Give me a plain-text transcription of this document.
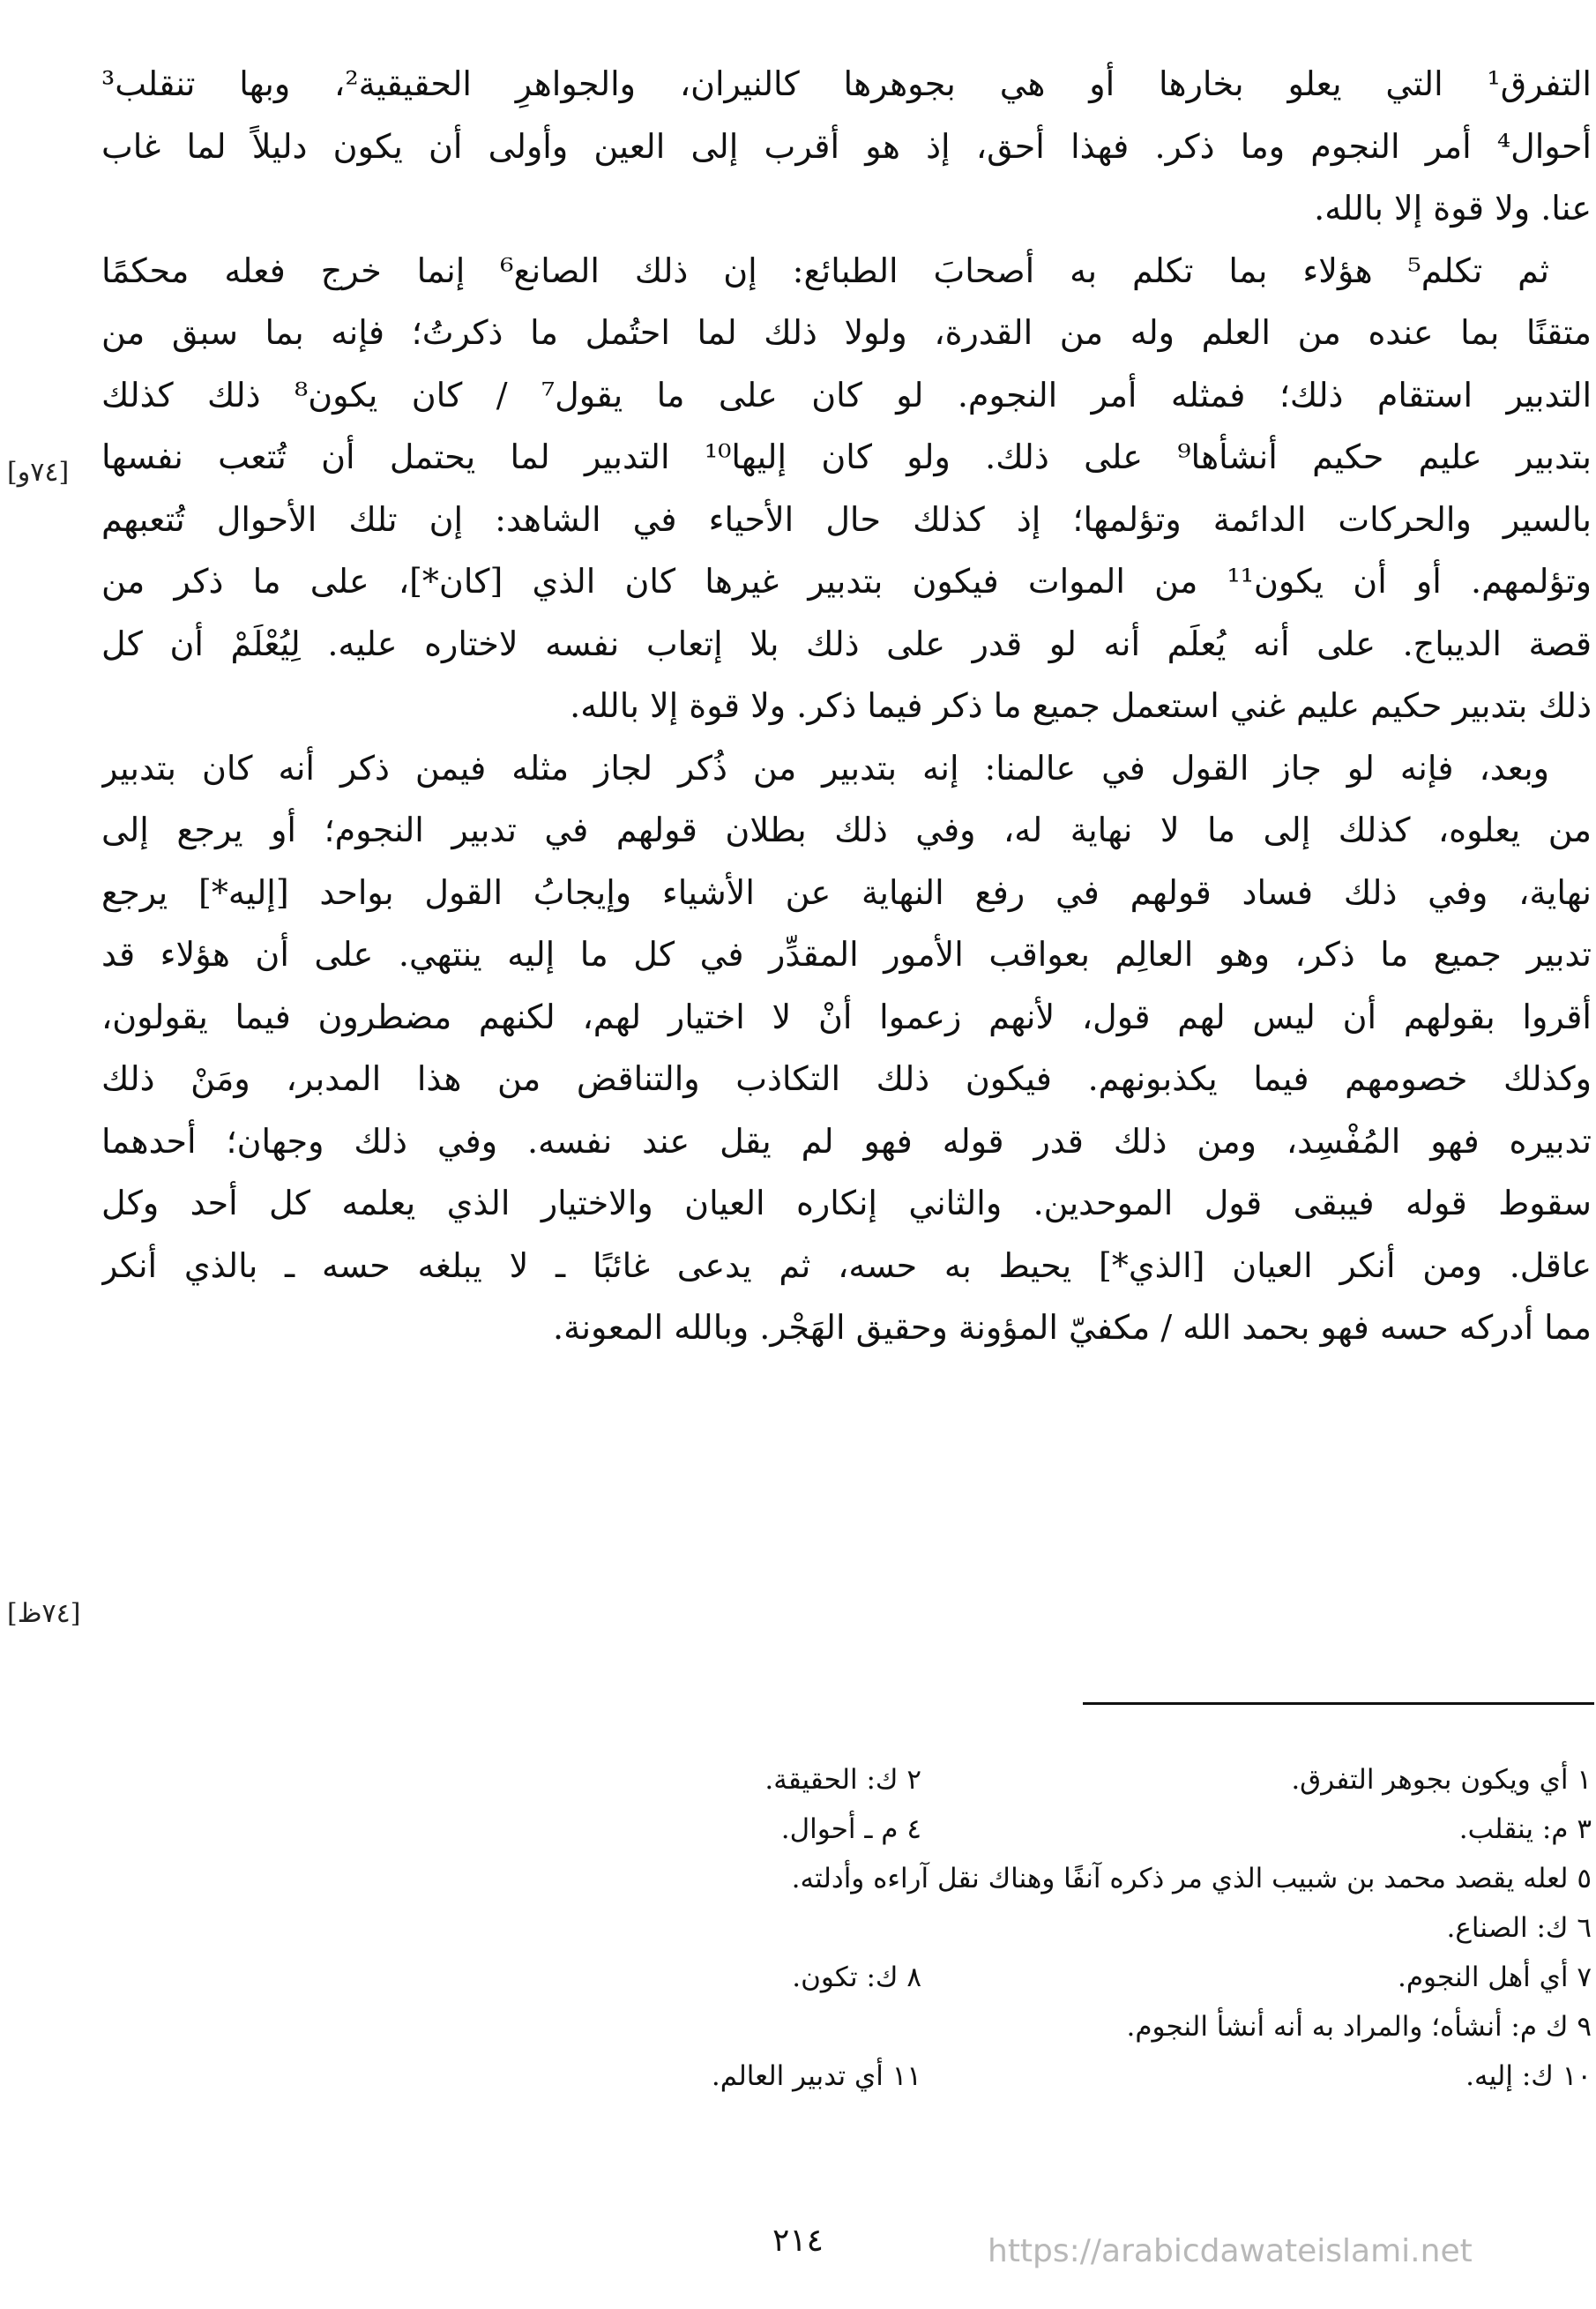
التفرق¹ التي يعلو بخارها أو هي بجوهرها كالنيران، والجواهرِ الحقيقية²، وبها تنقلب³
أحوال⁴ أمر النجوم وما ذكر. فهذا أحق، إذ هو أقرب إلى العين وأولى أن يكون دليلاً لما غاب
عنا. ولا قوة إلا بالله.
ثم تكلم⁵ هؤلاء بما تكلم به أصحابَ الطبائع: إن ذلك الصانع⁶ إنما خرج فعله محكمًا
متقنًا بما عنده من العلم وله من القدرة، ولولا ذلك لما احتُمل ما ذكرتُ؛ فإنه بما سبق من
التدبير استقام ذلك؛ فمثله أمر النجوم. لو كان على ما يقول⁷ / كان يكون⁸ ذلك كذلك
بتدبير عليم حكيم أنشأها⁹ على ذلك. ولو كان إليها¹⁰ التدبير لما يحتمل أن تُتعب نفسها
بالسير والحركات الدائمة وتؤلمها؛ إذ كذلك حال الأحياء في الشاهد: إن تلك الأحوال تُتعبهم
وتؤلمهم. أو أن يكون¹¹ من الموات فيكون بتدبير غيرها كان الذي [كان*]، على ما ذكر من
قصة الديباج. على أنه يُعلَم أنه لو قدر على ذلك بلا إتعاب نفسه لاختاره عليه. لِيُعْلَمْ أن كل
ذلك بتدبير حكيم عليم غني استعمل جميع ما ذكر فيما ذكر. ولا قوة إلا بالله.
وبعد، فإنه لو جاز القول في عالمنا: إنه بتدبير من ذُكر لجاز مثله فيمن ذكر أنه كان بتدبير
من يعلوه، كذلك إلى ما لا نهاية له، وفي ذلك بطلان قولهم في تدبير النجوم؛ أو يرجع إلى
نهاية، وفي ذلك فساد قولهم في رفع النهاية عن الأشياء وإيجابُ القول بواحد [إليه*] يرجع
تدبير جميع ما ذكر، وهو العالِم بعواقب الأمور المقدِّر في كل ما إليه ينتهي. على أن هؤلاء قد
أقروا بقولهم أن ليس لهم قول، لأنهم زعموا أنْ لا اختيار لهم، لكنهم مضطرون فيما يقولون،
وكذلك خصومهم فيما يكذبونهم. فيكون ذلك التكاذب والتناقض من هذا المدبر، ومَنْ ذلك
تدبيره فهو المُفْسِد، ومن ذلك قدر قوله فهو لم يقل عند نفسه. وفي ذلك وجهان؛ أحدهما
سقوط قوله فيبقى قول الموحدين. والثاني إنكاره العيان والاختيار الذي يعلمه كل أحد وكل
عاقل. ومن أنكر العيان [الذي*] يحيط به حسه، ثم يدعى غائبًا ـ لا يبلغه حسه ـ بالذي أنكر
مما أدركه حسه فهو بحمد الله / مكفيّ المؤونة وحقيق الهَجْر. وبالله المعونة.
[٧٤و]
[٧٤ظ]
١ أي ويكون بجوهر التفرق.
٢ ك: الحقيقة.
٣ م: ينقلب.
٤ م ـ أحوال.
٥ لعله يقصد محمد بن شبيب الذي مر ذكره آنفًا وهناك نقل آراءه وأدلته.
٦ ك: الصناع.
٧ أي أهل النجوم.
٨ ك: تكون.
٩ ك م: أنشأه؛ والمراد به أنه أنشأ النجوم.
١٠ ك: إليه.
١١ أي تدبير العالم.
٢١٤	https://arabicdawateislami.net
